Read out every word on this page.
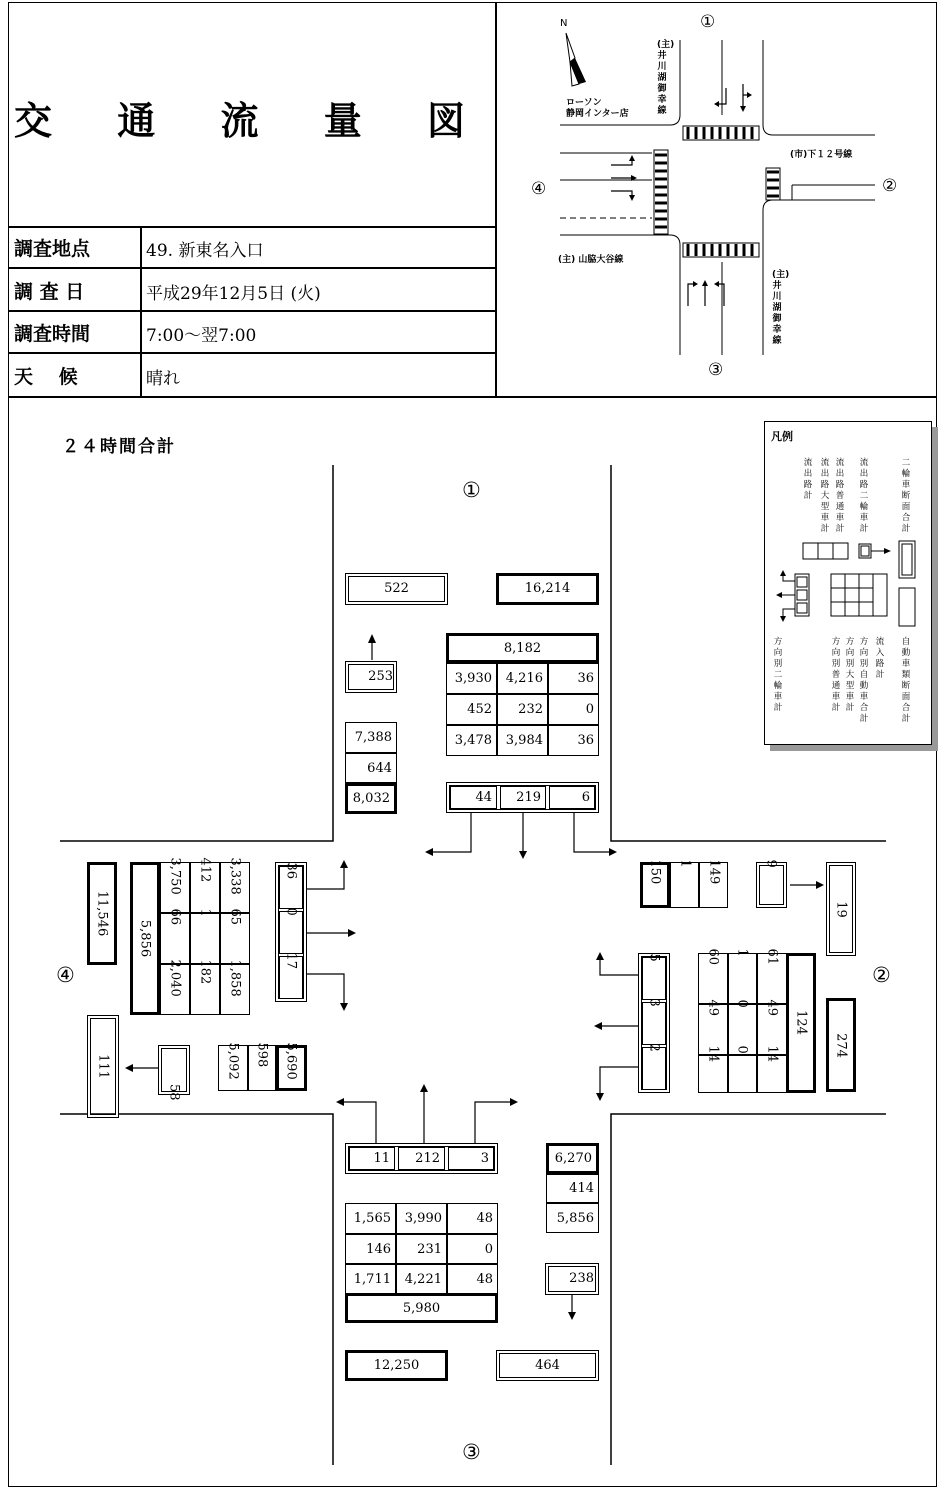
交 通 流 量 図
調査地点	49. 新東名入口
調 査 日	平成29年12月5日 (火)
調査時間	7:00～翌7:00
天　 候	晴れ
N	①
②
③
④
ローソン
静岡インター店
(市)下１２号線
(主) 山脇大谷線
(主) 井川湖御幸線
(主) 井川湖御幸線
２４時間合計
①
②
③
④
522	16,214
8,182
3,930	4,216	36
452	232	0
3,478	3,984	36
44	219	6
253
7,388
644
8,032
11	212	3
1,565	3,990	48
146	231	0
1,711	4,221	48
5,980
6,270
414
5,856
238
12,250	464
11,546
5,856
3,750 412 3,338
66 1 65
2,040 182 1,858
36
0
17
111
58
5,092 598 5,690
150 1 149	9
19
5
3
2
60 1 61
49 0 49
14 0 14
124
274
凡例
流出路計
流出路大型車計
流出路普通車計
流出路二輪車計
二輪車断面合計
方向別二輪車計
方向別普通車計
方向別大型車計
方向別自動車合計
流入路計
自動車類断面合計
